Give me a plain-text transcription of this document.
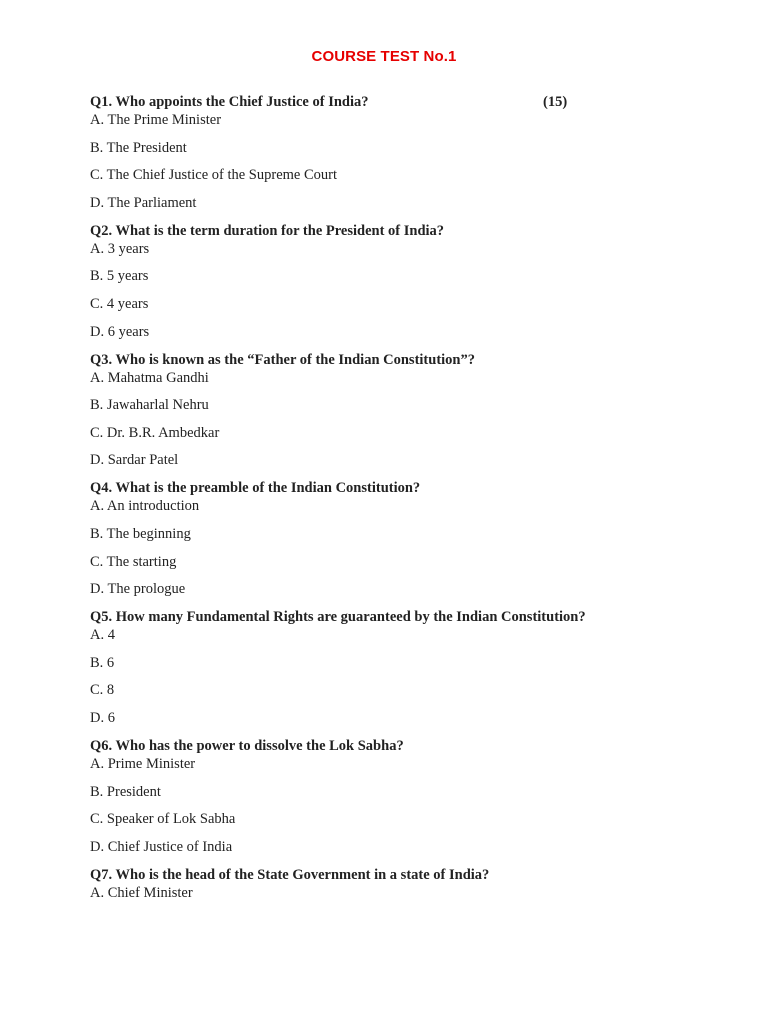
COURSE TEST No.1
Q1. Who appoints the Chief Justice of India?	(15)
A. The Prime Minister
B. The President
C. The Chief Justice of the Supreme Court
D. The Parliament
Q2. What is the term duration for the President of India?
A. 3 years
B. 5 years
C. 4 years
D. 6 years
Q3. Who is known as the “Father of the Indian Constitution”?
A. Mahatma Gandhi
B. Jawaharlal Nehru
C. Dr. B.R. Ambedkar
D. Sardar Patel
Q4. What is the preamble of the Indian Constitution?
A. An introduction
B. The beginning
C. The starting
D. The prologue
Q5. How many Fundamental Rights are guaranteed by the Indian Constitution?
A. 4
B. 6
C. 8
D. 6
Q6. Who has the power to dissolve the Lok Sabha?
A. Prime Minister
B. President
C. Speaker of Lok Sabha
D. Chief Justice of India
Q7. Who is the head of the State Government in a state of India?
A. Chief Minister
